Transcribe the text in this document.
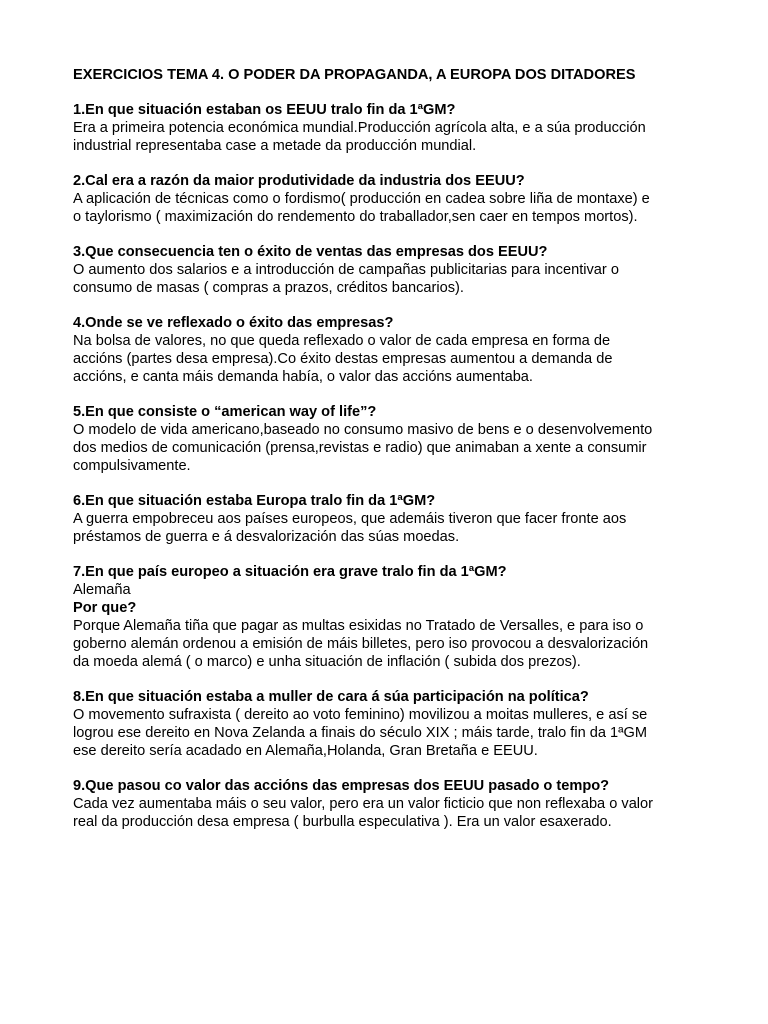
EXERCICIOS TEMA 4. O PODER DA PROPAGANDA, A EUROPA DOS DITADORES

1.En que situación estaban os EEUU tralo fin da 1ªGM?

Era a primeira potencia económica mundial.Producción agrícola alta, e a súa producción

industrial representaba case a metade da producción mundial.

2.Cal era a razón da maior produtividade da industria dos EEUU?

A aplicación de técnicas como o fordismo( producción en cadea sobre liña de montaxe) e

o taylorismo ( maximización do rendemento do traballador,sen caer en tempos mortos).

3.Que consecuencia ten o éxito de ventas das empresas dos EEUU?

O aumento dos salarios e a introducción de campañas publicitarias para incentivar o

consumo de masas ( compras a prazos, créditos bancarios).

4.Onde se ve reflexado o éxito das empresas?

Na bolsa de valores, no que queda reflexado o valor de cada empresa en forma de

accións (partes desa empresa).Co éxito destas empresas aumentou a demanda de

accións, e canta máis demanda había, o valor das accións aumentaba.

5.En que consiste o “american way of life”?

O modelo de vida americano,baseado no consumo masivo de bens e o desenvolvemento

dos medios de comunicación (prensa,revistas e radio) que animaban a xente a consumir

compulsivamente.

6.En que situación estaba Europa tralo fin da 1ªGM?

A guerra empobreceu aos países europeos, que ademáis tiveron que facer fronte aos

préstamos de guerra e á desvalorización das súas moedas.

7.En que país europeo a situación era grave tralo fin da 1ªGM?

Alemaña

Por que?

Porque Alemaña tiña que pagar as multas esixidas no Tratado de Versalles, e para iso o

goberno alemán ordenou a emisión de máis billetes, pero iso provocou a desvalorización

da moeda alemá ( o marco) e unha situación de inflación ( subida dos prezos).

8.En que situación estaba a muller de cara á súa participación na política?

O movemento sufraxista ( dereito ao voto feminino) movilizou a moitas mulleres, e así se

logrou ese dereito en Nova Zelanda a finais do século XIX ; máis tarde, tralo fin da 1ªGM

ese dereito sería acadado en Alemaña,Holanda, Gran Bretaña e EEUU.

9.Que pasou co valor das accións das empresas dos EEUU pasado o tempo?

Cada vez aumentaba máis o seu valor, pero era un valor ficticio que non reflexaba o valor

real da producción desa empresa ( burbulla especulativa ). Era un valor esaxerado.
